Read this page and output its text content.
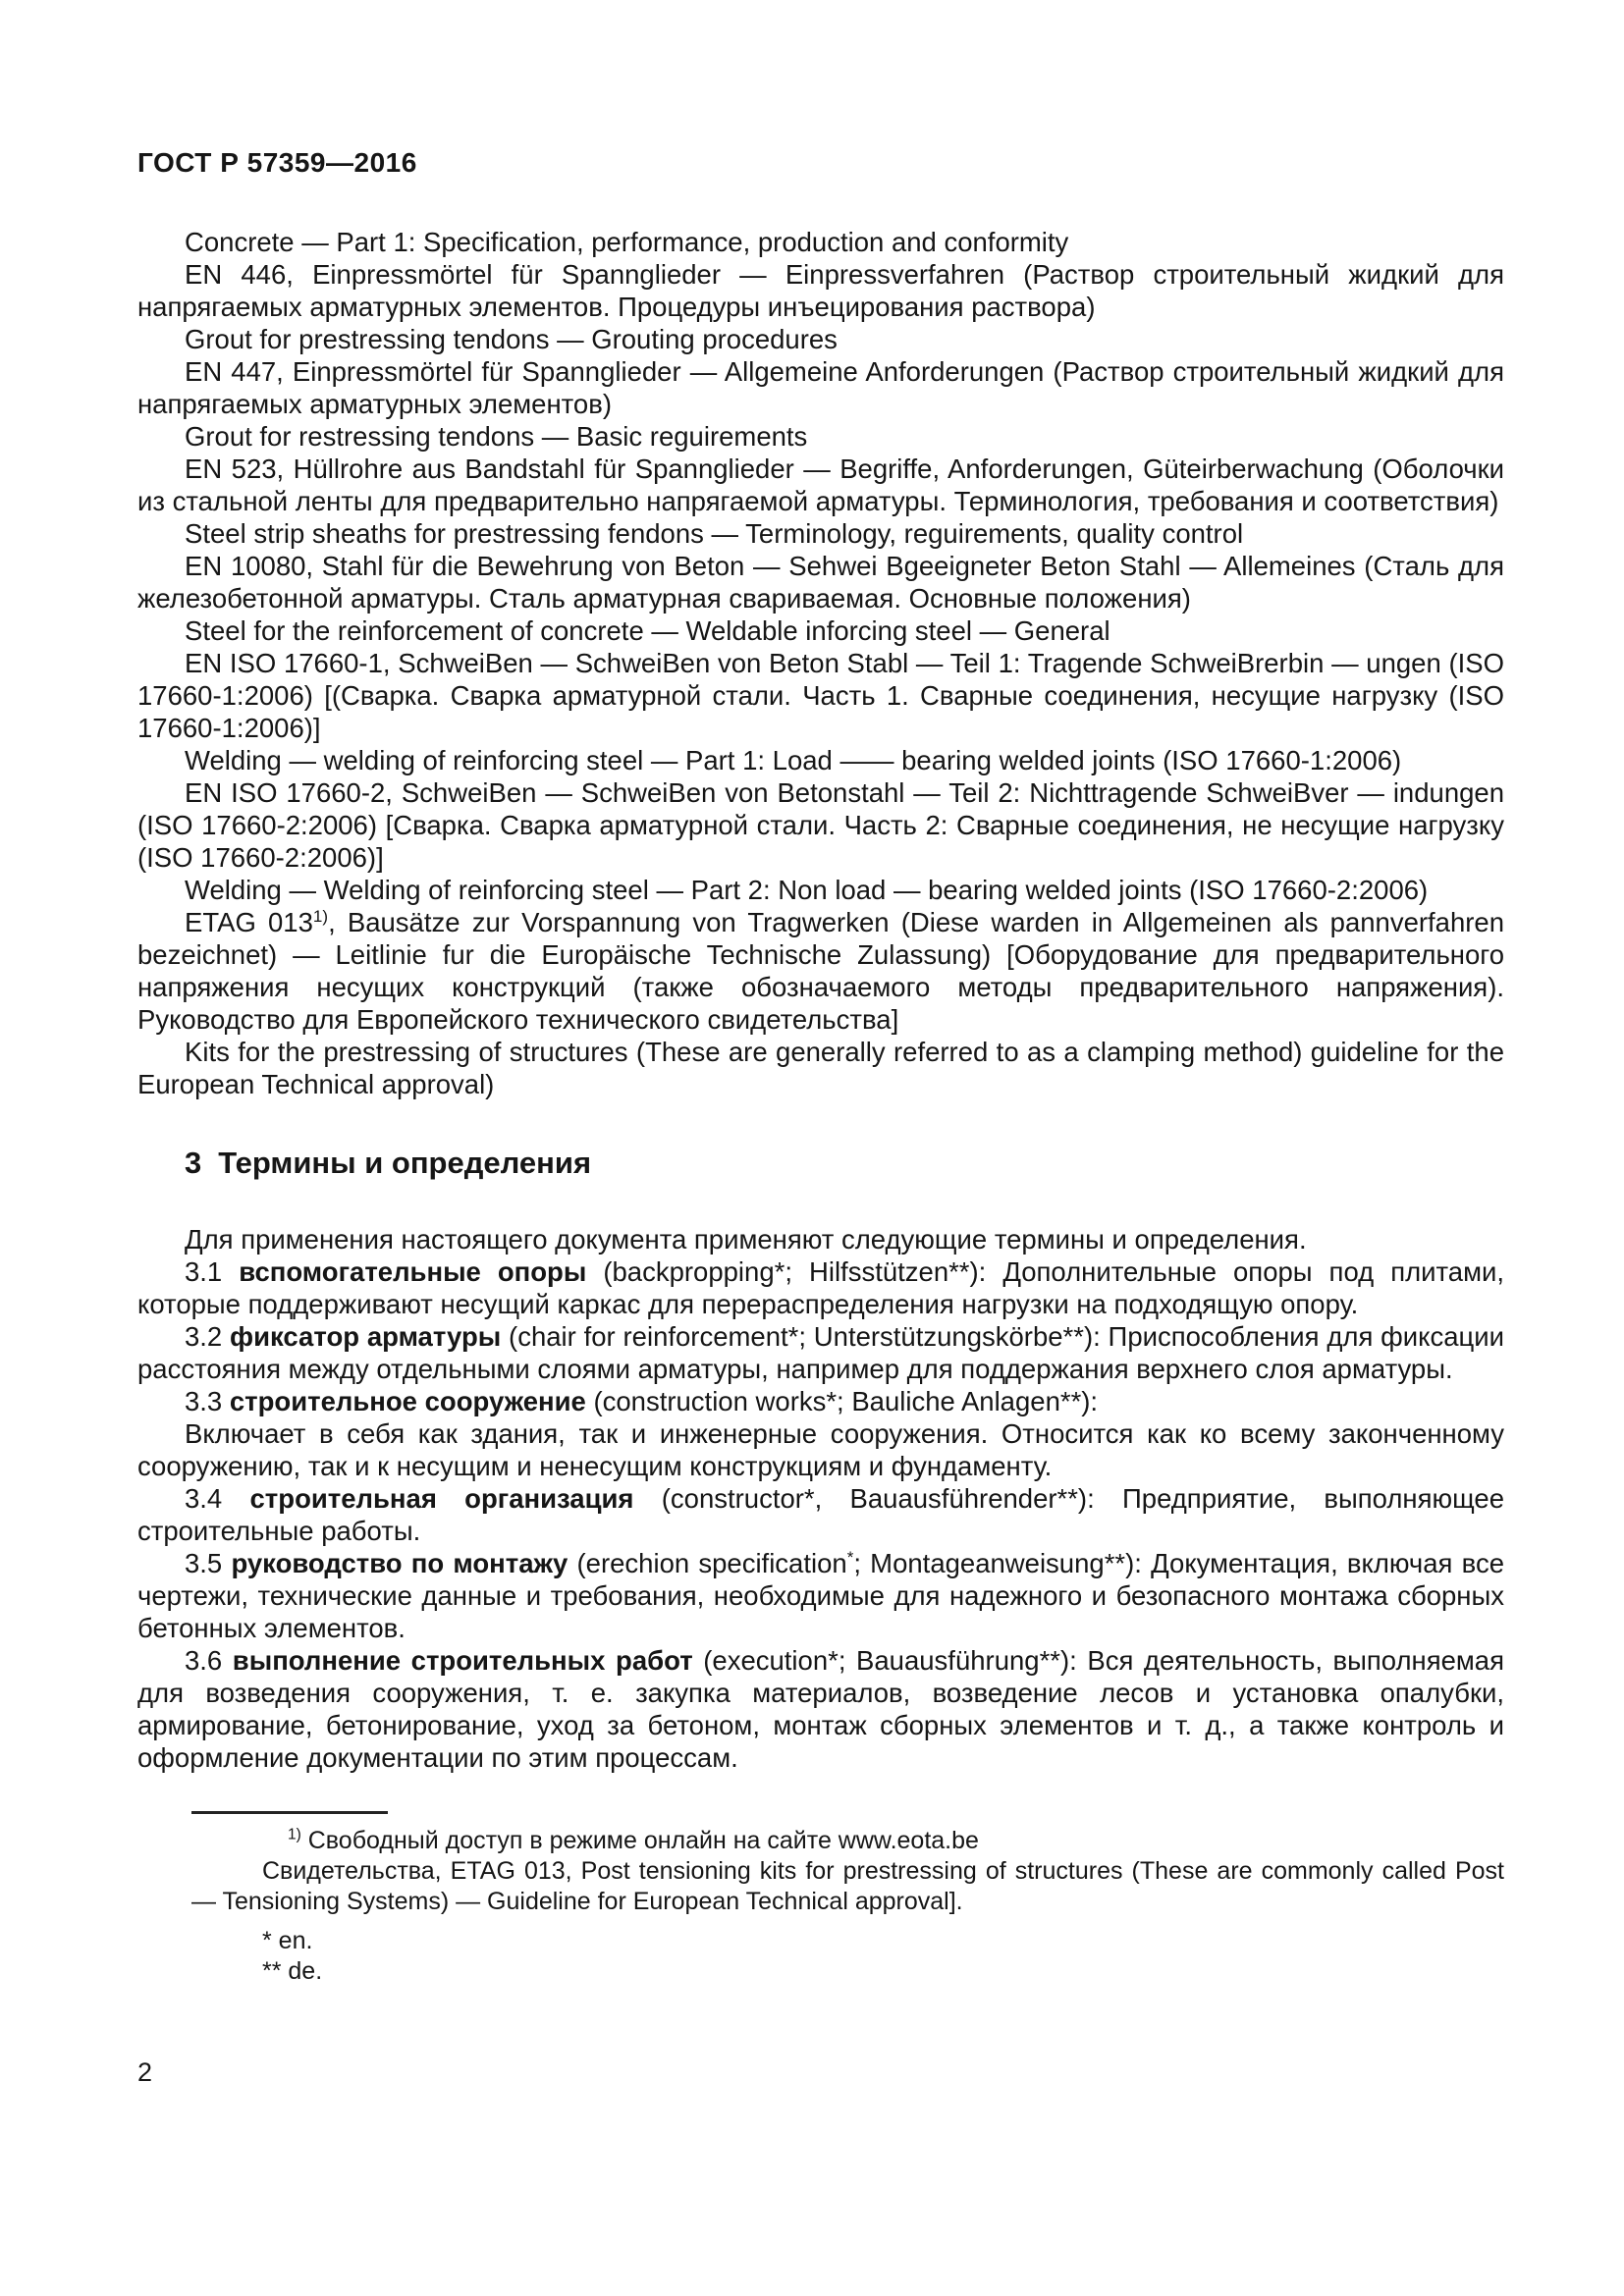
ГОСТ Р 57359—2016

Concrete — Part 1: Specification, performance, production and conformity

EN 446, Einpressmörtel für Spannglieder — Einpressverfahren (Раствор строительный жидкий для напрягаемых арматурных элементов. Процедуры инъецирования раствора)

Grout for prestressing tendons — Grouting procedures

EN 447, Einpressmörtel für Spannglieder — Allgemeine Anforderungen (Раствор строительный жидкий для напрягаемых арматурных элементов)

Grout for restressing tendons — Basic reguirements

EN 523, Hüllrohre aus Bandstahl für Spannglieder — Begriffe, Anforderungen, Güteirberwachung (Оболочки из стальной ленты для предварительно напрягаемой арматуры. Терминология, требования и соответствия)

Steel strip sheaths for prestressing fendons — Terminology, reguirements, quality control

EN 10080, Stahl für die Bewehrung von Beton — Sehwei Bgeeigneter Beton Stahl — Allemeines (Сталь для железобетонной арматуры. Сталь арматурная свариваемая. Основные положения)

Steel for the reinforcement of concrete — Weldable inforcing steel — General

EN ISO 17660-1, SchweiBen — SchweiBen von Beton Stabl — Teil 1: Tragende SchweiBrerbin — ungen (ISO 17660-1:2006) [(Сварка. Сварка арматурной стали. Часть 1. Сварные соединения, несущие нагрузку (ISO 17660-1:2006)]

Welding — welding of reinforcing steel — Part 1: Load —— bearing welded joints (ISO 17660-1:2006)

EN ISO 17660-2, SchweiBen — SchweiBen von Betonstahl — Teil 2: Nichttragende SchweiBver — indungen (ISO 17660-2:2006) [Сварка. Сварка арматурной стали. Часть 2: Сварные соединения, не несущие нагрузку (ISO 17660-2:2006)]

Welding — Welding of reinforcing steel — Part 2: Non load — bearing welded joints (ISO 17660-2:2006)

ETAG 013$^{1)}$, Bausätze zur Vorspannung von Tragwerken (Diese warden in Allgemeinen als pannverfahren bezeichnet) — Leitlinie fur die Europäische Technische Zulassung) [Оборудование для предварительного напряжения несущих конструкций (также обозначаемого методы предварительного напряжения). Руководство для Европейского технического свидетельства]

Kits for the prestressing of structures (These are generally referred to as a clamping method) guideline for the European Technical approval)

3 Термины и определения

Для применения настоящего документа применяют следующие термины и определения.

3.1 вспомогательные опоры (backpropping*; Hilfsstützen**): Дополнительные опоры под плитами, которые поддерживают несущий каркас для перераспределения нагрузки на подходящую опору.

3.2 фиксатор арматуры (chair for reinforcement*; Unterstützungskörbe**): Приспособления для фиксации расстояния между отдельными слоями арматуры, например для поддержания верхнего слоя арматуры.

3.3 строительное сооружение (construction works*; Bauliche Anlagen**):

Включает в себя как здания, так и инженерные сооружения. Относится как ко всему законченному сооружению, так и к несущим и ненесущим конструкциям и фундаменту.

3.4 строительная организация (constructor*, Bauausführender**): Предприятие, выполняющее строительные работы.

3.5 руководство по монтажу (erechion specification*; Montageanweisung**): Документация, включая все чертежи, технические данные и требования, необходимые для надежного и безопасного монтажа сборных бетонных элементов.

3.6 выполнение строительных работ (execution*; Bauausführung**): Вся деятельность, выполняемая для возведения сооружения, т. е. закупка материалов, возведение лесов и установка опалубки, армирование, бетонирование, уход за бетоном, монтаж сборных элементов и т. д., а также контроль и оформление документации по этим процессам.

$^{1)}$ Свободный доступ в режиме онлайн на сайте www.eota.be

Свидетельства, ETAG 013, Post tensioning kits for prestressing of structures (These are commonly called Post — Tensioning Systems) — Guideline for European Technical approval].

* en.

** de.

2
